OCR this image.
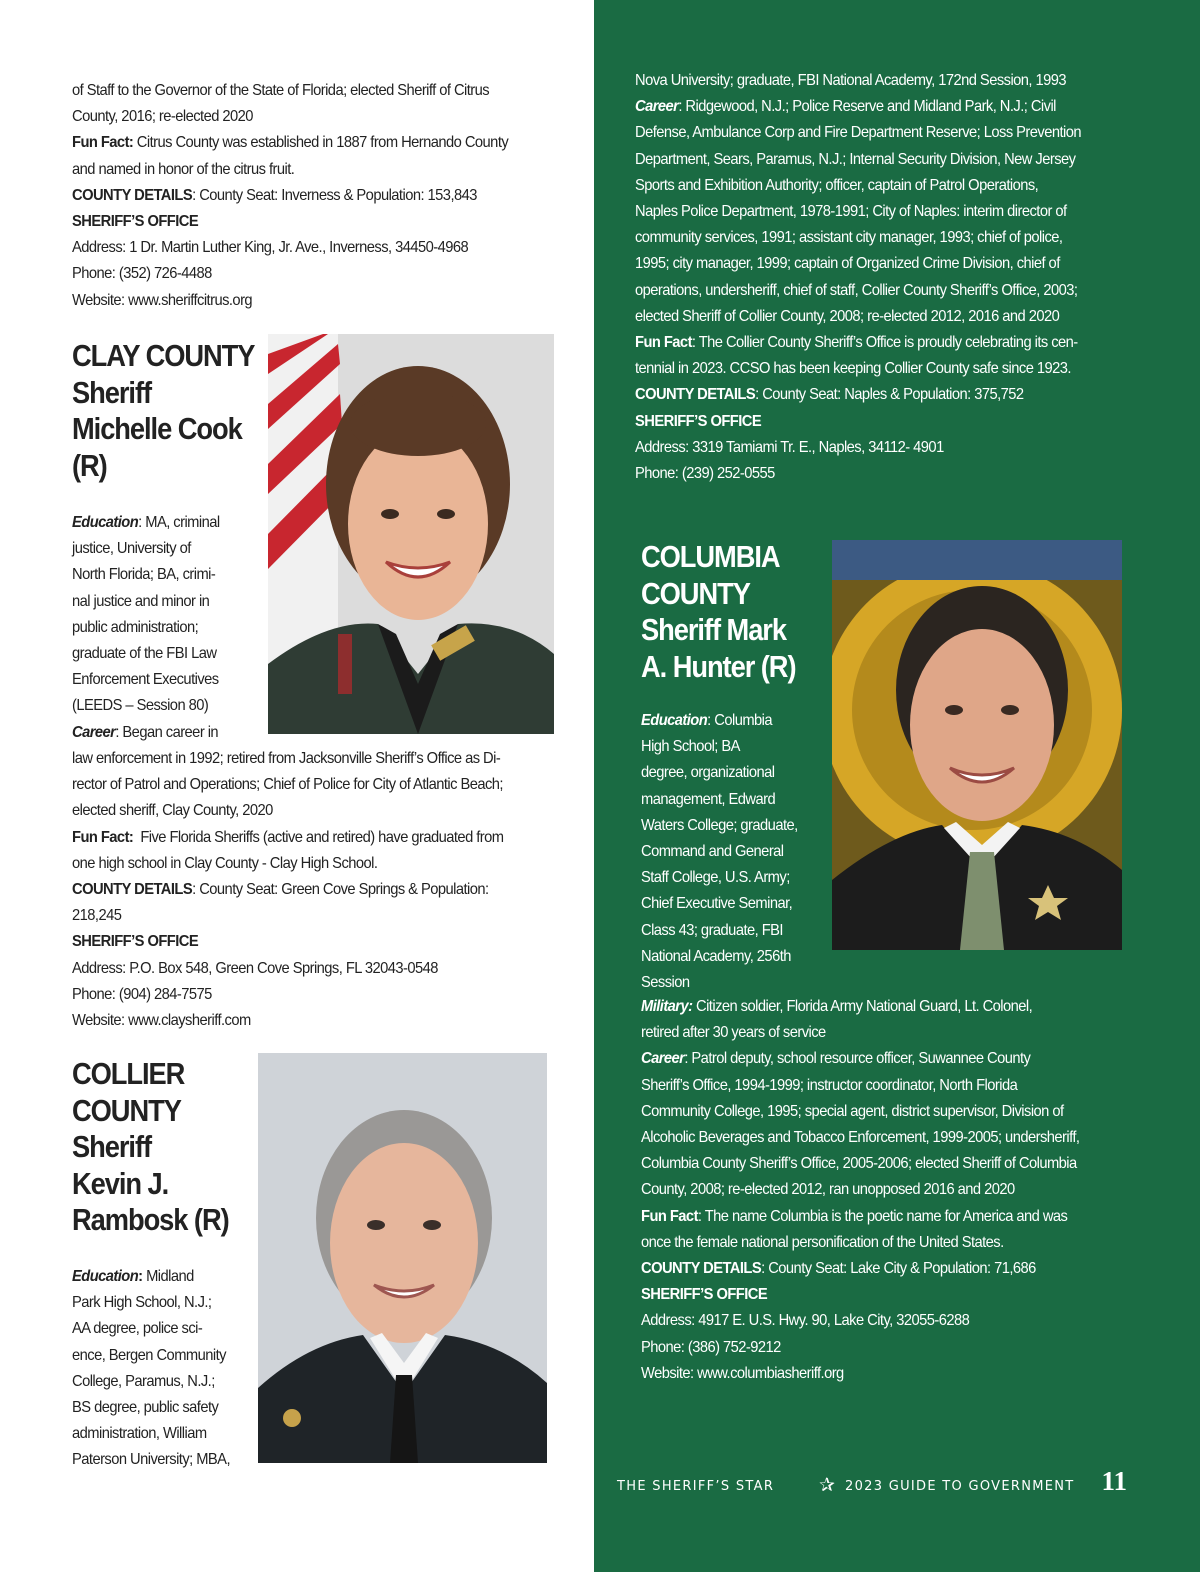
of Staff to the Governor of the State of Florida; elected Sheriff of Citrus

County, 2016; re-elected 2020

Fun Fact: Citrus County was established in 1887 from Hernando County

and named in honor of the citrus fruit.

COUNTY DETAILS: County Seat: Inverness & Population: 153,843

SHERIFF’S OFFICE

Address: 1 Dr. Martin Luther King, Jr. Ave., Inverness, 34450-4968

Phone: (352) 726-4488

Website: www.sheriffcitrus.org

CLAY COUNTY
Sheriff
Michelle Cook
(R)

Education: MA, criminal

justice, University of

North Florida; BA, crimi-

nal justice and minor in

public administration;

graduate of the FBI Law

Enforcement Executives

(LEEDS – Session 80)

Career: Began career in

law enforcement in 1992; retired from Jacksonville Sheriff’s Office as Di-

rector of Patrol and Operations; Chief of Police for City of Atlantic Beach;

elected sheriff, Clay County, 2020

Fun Fact:  Five Florida Sheriffs (active and retired) have graduated from

one high school in Clay County - Clay High School.

COUNTY DETAILS: County Seat: Green Cove Springs & Population:

218,245

SHERIFF’S OFFICE

Address: P.O. Box 548, Green Cove Springs, FL 32043-0548

Phone: (904) 284-7575

Website: www.claysheriff.com

COLLIER
COUNTY
Sheriff
Kevin J.
Rambosk (R)

Education: Midland

Park High School, N.J.;

AA degree, police sci-

ence, Bergen Community

College, Paramus, N.J.;

BS degree, public safety

administration, William

Paterson University; MBA,

Nova University; graduate, FBI National Academy, 172nd Session, 1993

Career: Ridgewood, N.J.; Police Reserve and Midland Park, N.J.; Civil

Defense, Ambulance Corp and Fire Department Reserve; Loss Prevention

Department, Sears, Paramus, N.J.; Internal Security Division, New Jersey

Sports and Exhibition Authority; officer, captain of Patrol Operations,

Naples Police Department, 1978-1991; City of Naples: interim director of

community services, 1991; assistant city manager, 1993; chief of police,

1995; city manager, 1999; captain of Organized Crime Division, chief of

operations, undersheriff, chief of staff, Collier County Sheriff’s Office, 2003;

elected Sheriff of Collier County, 2008; re-elected 2012, 2016 and 2020

Fun Fact: The Collier County Sheriff’s Office is proudly celebrating its cen-

tennial in 2023. CCSO has been keeping Collier County safe since 1923.

COUNTY DETAILS: County Seat: Naples & Population: 375,752

SHERIFF’S OFFICE

Address: 3319 Tamiami Tr. E., Naples, 34112- 4901

Phone: (239) 252-0555

COLUMBIA
COUNTY
Sheriff Mark
A. Hunter (R)

Education: Columbia

High School; BA

degree, organizational

management, Edward

Waters College; graduate,

Command and General

Staff College, U.S. Army;

Chief Executive Seminar,

Class 43; graduate, FBI

National Academy, 256th

Session

Military: Citizen soldier, Florida Army National Guard, Lt. Colonel,

retired after 30 years of service

Career: Patrol deputy, school resource officer, Suwannee County

Sheriff’s Office, 1994-1999; instructor coordinator, North Florida

Community College, 1995; special agent, district supervisor, Division of

Alcoholic Beverages and Tobacco Enforcement, 1999-2005; undersheriff,

Columbia County Sheriff’s Office, 2005-2006; elected Sheriff of Columbia

County, 2008; re-elected 2012, ran unopposed 2016 and 2020

Fun Fact: The name Columbia is the poetic name for America and was

once the female national personification of the United States.

COUNTY DETAILS: County Seat: Lake City & Population: 71,686

SHERIFF’S OFFICE

Address: 4917 E. U.S. Hwy. 90, Lake City, 32055-6288

Phone: (386) 752-9212

Website: www.columbiasheriff.org

THE SHERIFF’S STAR ✰ 2023 GUIDE TO GOVERNMENT 11
